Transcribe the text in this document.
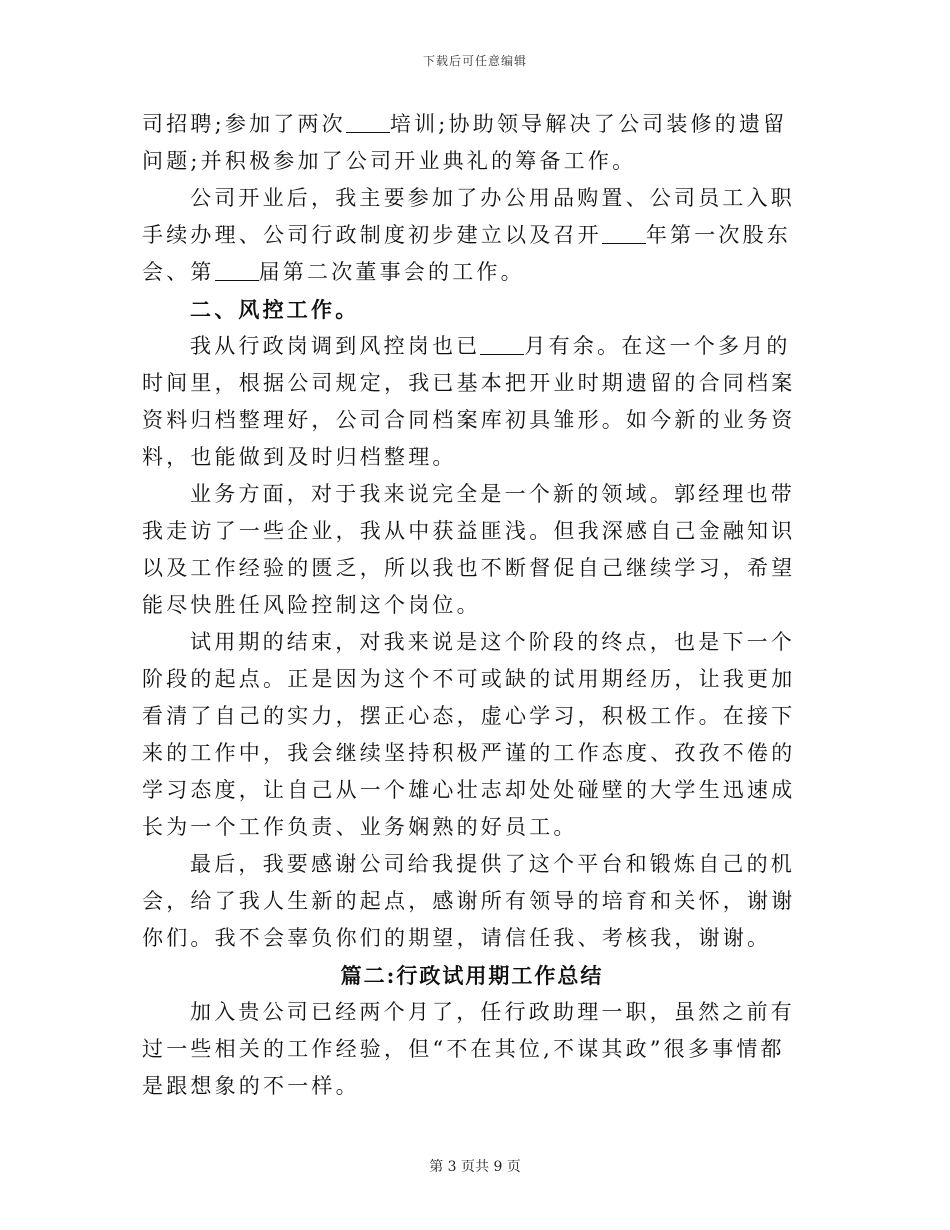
下载后可任意编辑

司招聘;参加了两次 培训;协助领导解决了公司装修的遗留问题;并积极参加了公司开业典礼的筹备工作。

公司开业后，我主要参加了办公用品购置、公司员工入职手续办理、公司行政制度初步建立以及召开 年第一次股东会、第 届第二次董事会的工作。

二、风控工作。

我从行政岗调到风控岗也已 月有余。在这一个多月的时间里，根据公司规定，我已基本把开业时期遗留的合同档案资料归档整理好，公司合同档案库初具雏形。如今新的业务资料，也能做到及时归档整理。

业务方面，对于我来说完全是一个新的领域。郭经理也带我走访了一些企业，我从中获益匪浅。但我深感自己金融知识以及工作经验的匮乏，所以我也不断督促自己继续学习，希望能尽快胜任风险控制这个岗位。

试用期的结束，对我来说是这个阶段的终点，也是下一个阶段的起点。正是因为这个不可或缺的试用期经历，让我更加看清了自己的实力，摆正心态，虚心学习，积极工作。在接下来的工作中，我会继续坚持积极严谨的工作态度、孜孜不倦的学习态度，让自己从一个雄心壮志却处处碰壁的大学生迅速成长为一个工作负责、业务娴熟的好员工。

最后，我要感谢公司给我提供了这个平台和锻炼自己的机会，给了我人生新的起点，感谢所有领导的培育和关怀，谢谢你们。我不会辜负你们的期望，请信任我、考核我，谢谢。

篇二:行政试用期工作总结

加入贵公司已经两个月了，任行政助理一职，虽然之前有过一些相关的工作经验，但“不在其位,不谋其政”很多事情都是跟想象的不一样。

第 3 页共 9 页
